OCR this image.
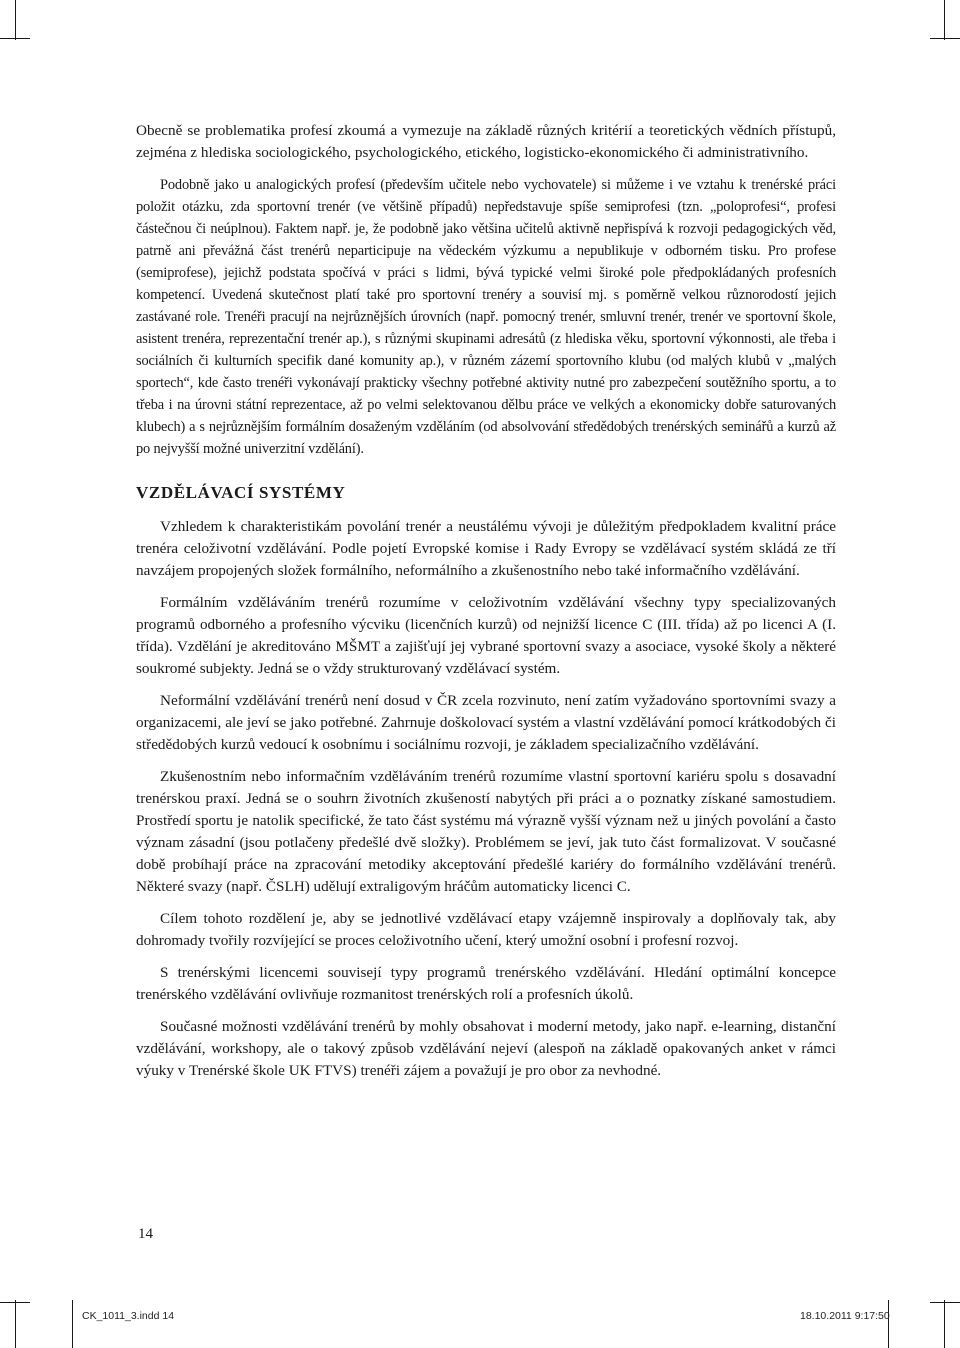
Obecně se problematika profesí zkoumá a vymezuje na základě různých kritérií a teoretických vědních přístupů, zejména z hlediska sociologického, psychologického, etického, logisticko-ekonomického či administrativního.

Podobně jako u analogických profesí (především učitele nebo vychovatele) si můžeme i ve vztahu k trenérské práci položit otázku, zda sportovní trenér (ve většině případů) nepředstavuje spíše semiprofesi (tzn. „poloprofesi“, profesi částečnou či neúplnou). Faktem např. je, že podobně jako většina učitelů aktivně nepřispívá k rozvoji pedagogických věd, patrně ani převážná část trenérů neparticipuje na vědeckém výzkumu a nepublikuje v odborném tisku. Pro profese (semiprofese), jejichž podstata spočívá v práci s lidmi, bývá typické velmi široké pole předpokládaných profesních kompetencí. Uvedená skutečnost platí také pro sportovní trenéry a souvisí mj. s poměrně velkou různorodostí jejich zastávané role. Trenéři pracují na nejrůznějších úrovních (např. pomocný trenér, smluvní trenér, trenér ve sportovní škole, asistent trenéra, reprezentační trenér ap.), s různými skupinami adresátů (z hlediska věku, sportovní výkonnosti, ale třeba i sociálních či kulturních specifik dané komunity ap.), v různém zázemí sportovního klubu (od malých klubů v „malých sportech“, kde často trenéři vykonávají prakticky všechny potřebné aktivity nutné pro zabezpečení soutěžního sportu, a to třeba i na úrovni státní reprezentace, až po velmi selektovanou dělbu práce ve velkých a ekonomicky dobře saturovaných klubech) a s nejrůznějším formálním dosaženým vzděláním (od absolvování středědobých trenérských seminářů a kurzů až po nejvyšší možné univerzitní vzdělání).

VZDĚLÁVACÍ SYSTÉMY

Vzhledem k charakteristikám povolání trenér a neustálému vývoji je důležitým předpokladem kvalitní práce trenéra celoživotní vzdělávání. Podle pojetí Evropské komise i Rady Evropy se vzdělávací systém skládá ze tří navzájem propojených složek formálního, neformálního a zkušenostního nebo také informačního vzdělávání.

Formálním vzděláváním trenérů rozumíme v celoživotním vzdělávání všechny typy specializovaných programů odborného a profesního výcviku (licenčních kurzů) od nejnižší licence C (III. třída) až po licenci A (I. třída). Vzdělání je akreditováno MŠMT a zajišťují jej vybrané sportovní svazy a asociace, vysoké školy a některé soukromé subjekty. Jedná se o vždy strukturovaný vzdělávací systém.

Neformální vzdělávání trenérů není dosud v ČR zcela rozvinuto, není zatím vyžadováno sportovními svazy a organizacemi, ale jeví se jako potřebné. Zahrnuje doškolovací systém a vlastní vzdělávání pomocí krátkodobých či středědobých kurzů vedoucí k osobnímu i sociálnímu rozvoji, je základem specializačního vzdělávání.

Zkušenostním nebo informačním vzděláváním trenérů rozumíme vlastní sportovní kariéru spolu s dosavadní trenérskou praxí. Jedná se o souhrn životních zkušeností nabytých při práci a o poznatky získané samostudiem. Prostředí sportu je natolik specifické, že tato část systému má výrazně vyšší význam než u jiných povolání a často význam zásadní (jsou potlačeny předešlé dvě složky). Problémem se jeví, jak tuto část formalizovat. V současné době probíhají práce na zpracování metodiky akceptování předešlé kariéry do formálního vzdělávání trenérů. Některé svazy (např. ČSLH) udělují extraligovým hráčům automaticky licenci C.

Cílem tohoto rozdělení je, aby se jednotlivé vzdělávací etapy vzájemně inspirovaly a doplňovaly tak, aby dohromady tvořily rozvíjející se proces celoživotního učení, který umožní osobní i profesní rozvoj.

S trenérskými licencemi souvisejí typy programů trenérského vzdělávání. Hledání optimální koncepce trenérského vzdělávání ovlivňuje rozmanitost trenérských rolí a profesních úkolů.

Současné možnosti vzdělávání trenérů by mohly obsahovat i moderní metody, jako např. e-learning, distanční vzdělávání, workshopy, ale o takový způsob vzdělávání nejeví (alespoň na základě opakovaných anket v rámci výuky v Trenérské škole UK FTVS) trenéři zájem a považují je pro obor za nevhodné.

14
CK_1011_3.indd 14	18.10.2011 9:17:50
